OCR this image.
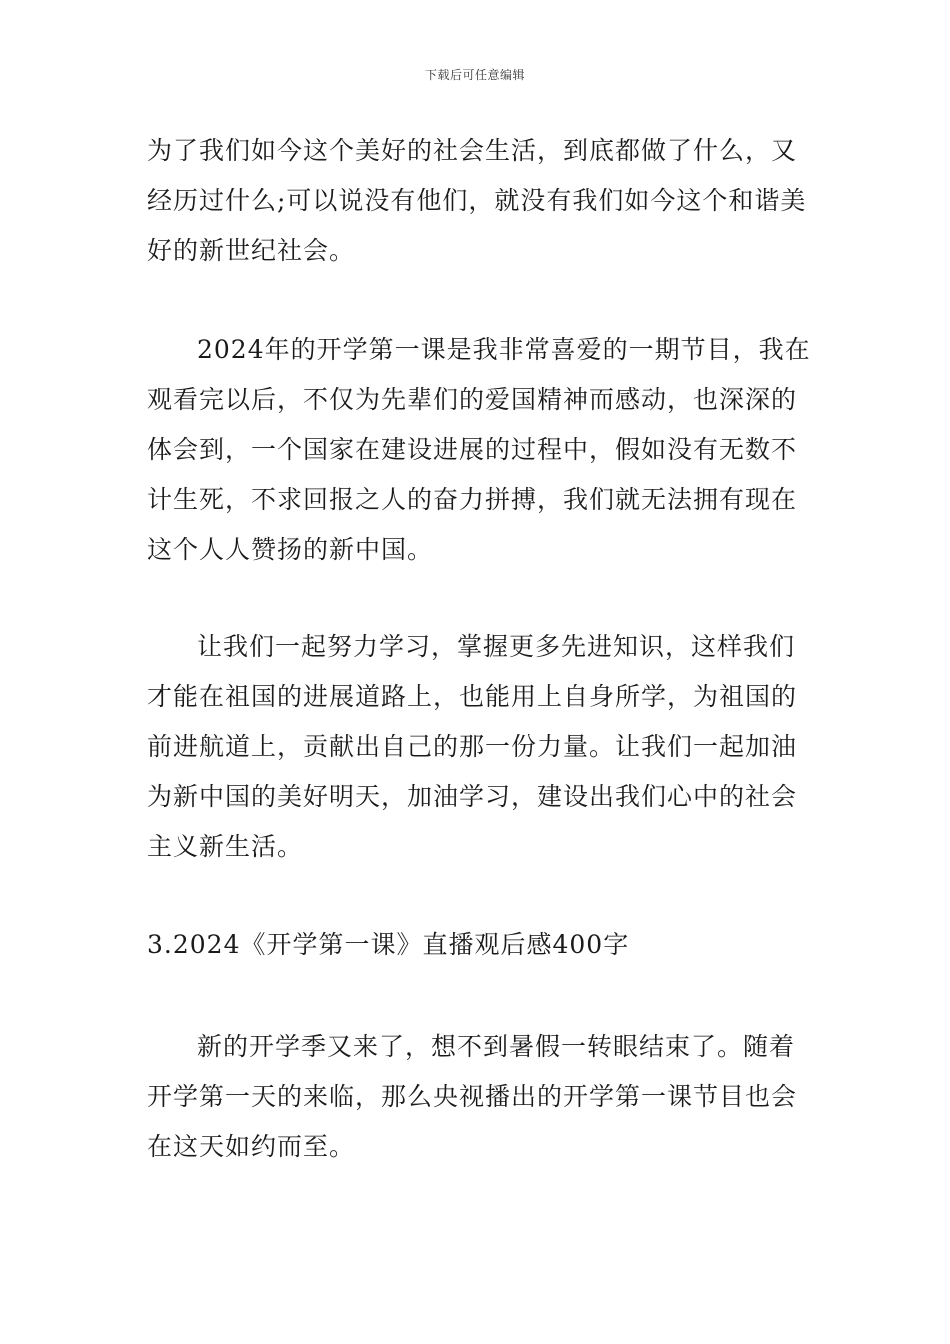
下载后可任意编辑

为了我们如今这个美好的社会生活，到底都做了什么，又
经历过什么;可以说没有他们，就没有我们如今这个和谐美
好的新世纪社会。

2024年的开学第一课是我非常喜爱的一期节目，我在
观看完以后，不仅为先辈们的爱国精神而感动，也深深的
体会到，一个国家在建设进展的过程中，假如没有无数不
计生死，不求回报之人的奋力拼搏，我们就无法拥有现在
这个人人赞扬的新中国。

让我们一起努力学习，掌握更多先进知识，这样我们
才能在祖国的进展道路上，也能用上自身所学，为祖国的
前进航道上，贡献出自己的那一份力量。让我们一起加油
为新中国的美好明天，加油学习，建设出我们心中的社会
主义新生活。

3.2024《开学第一课》直播观后感400字

新的开学季又来了，想不到暑假一转眼结束了。随着
开学第一天的来临，那么央视播出的开学第一课节目也会
在这天如约而至。
